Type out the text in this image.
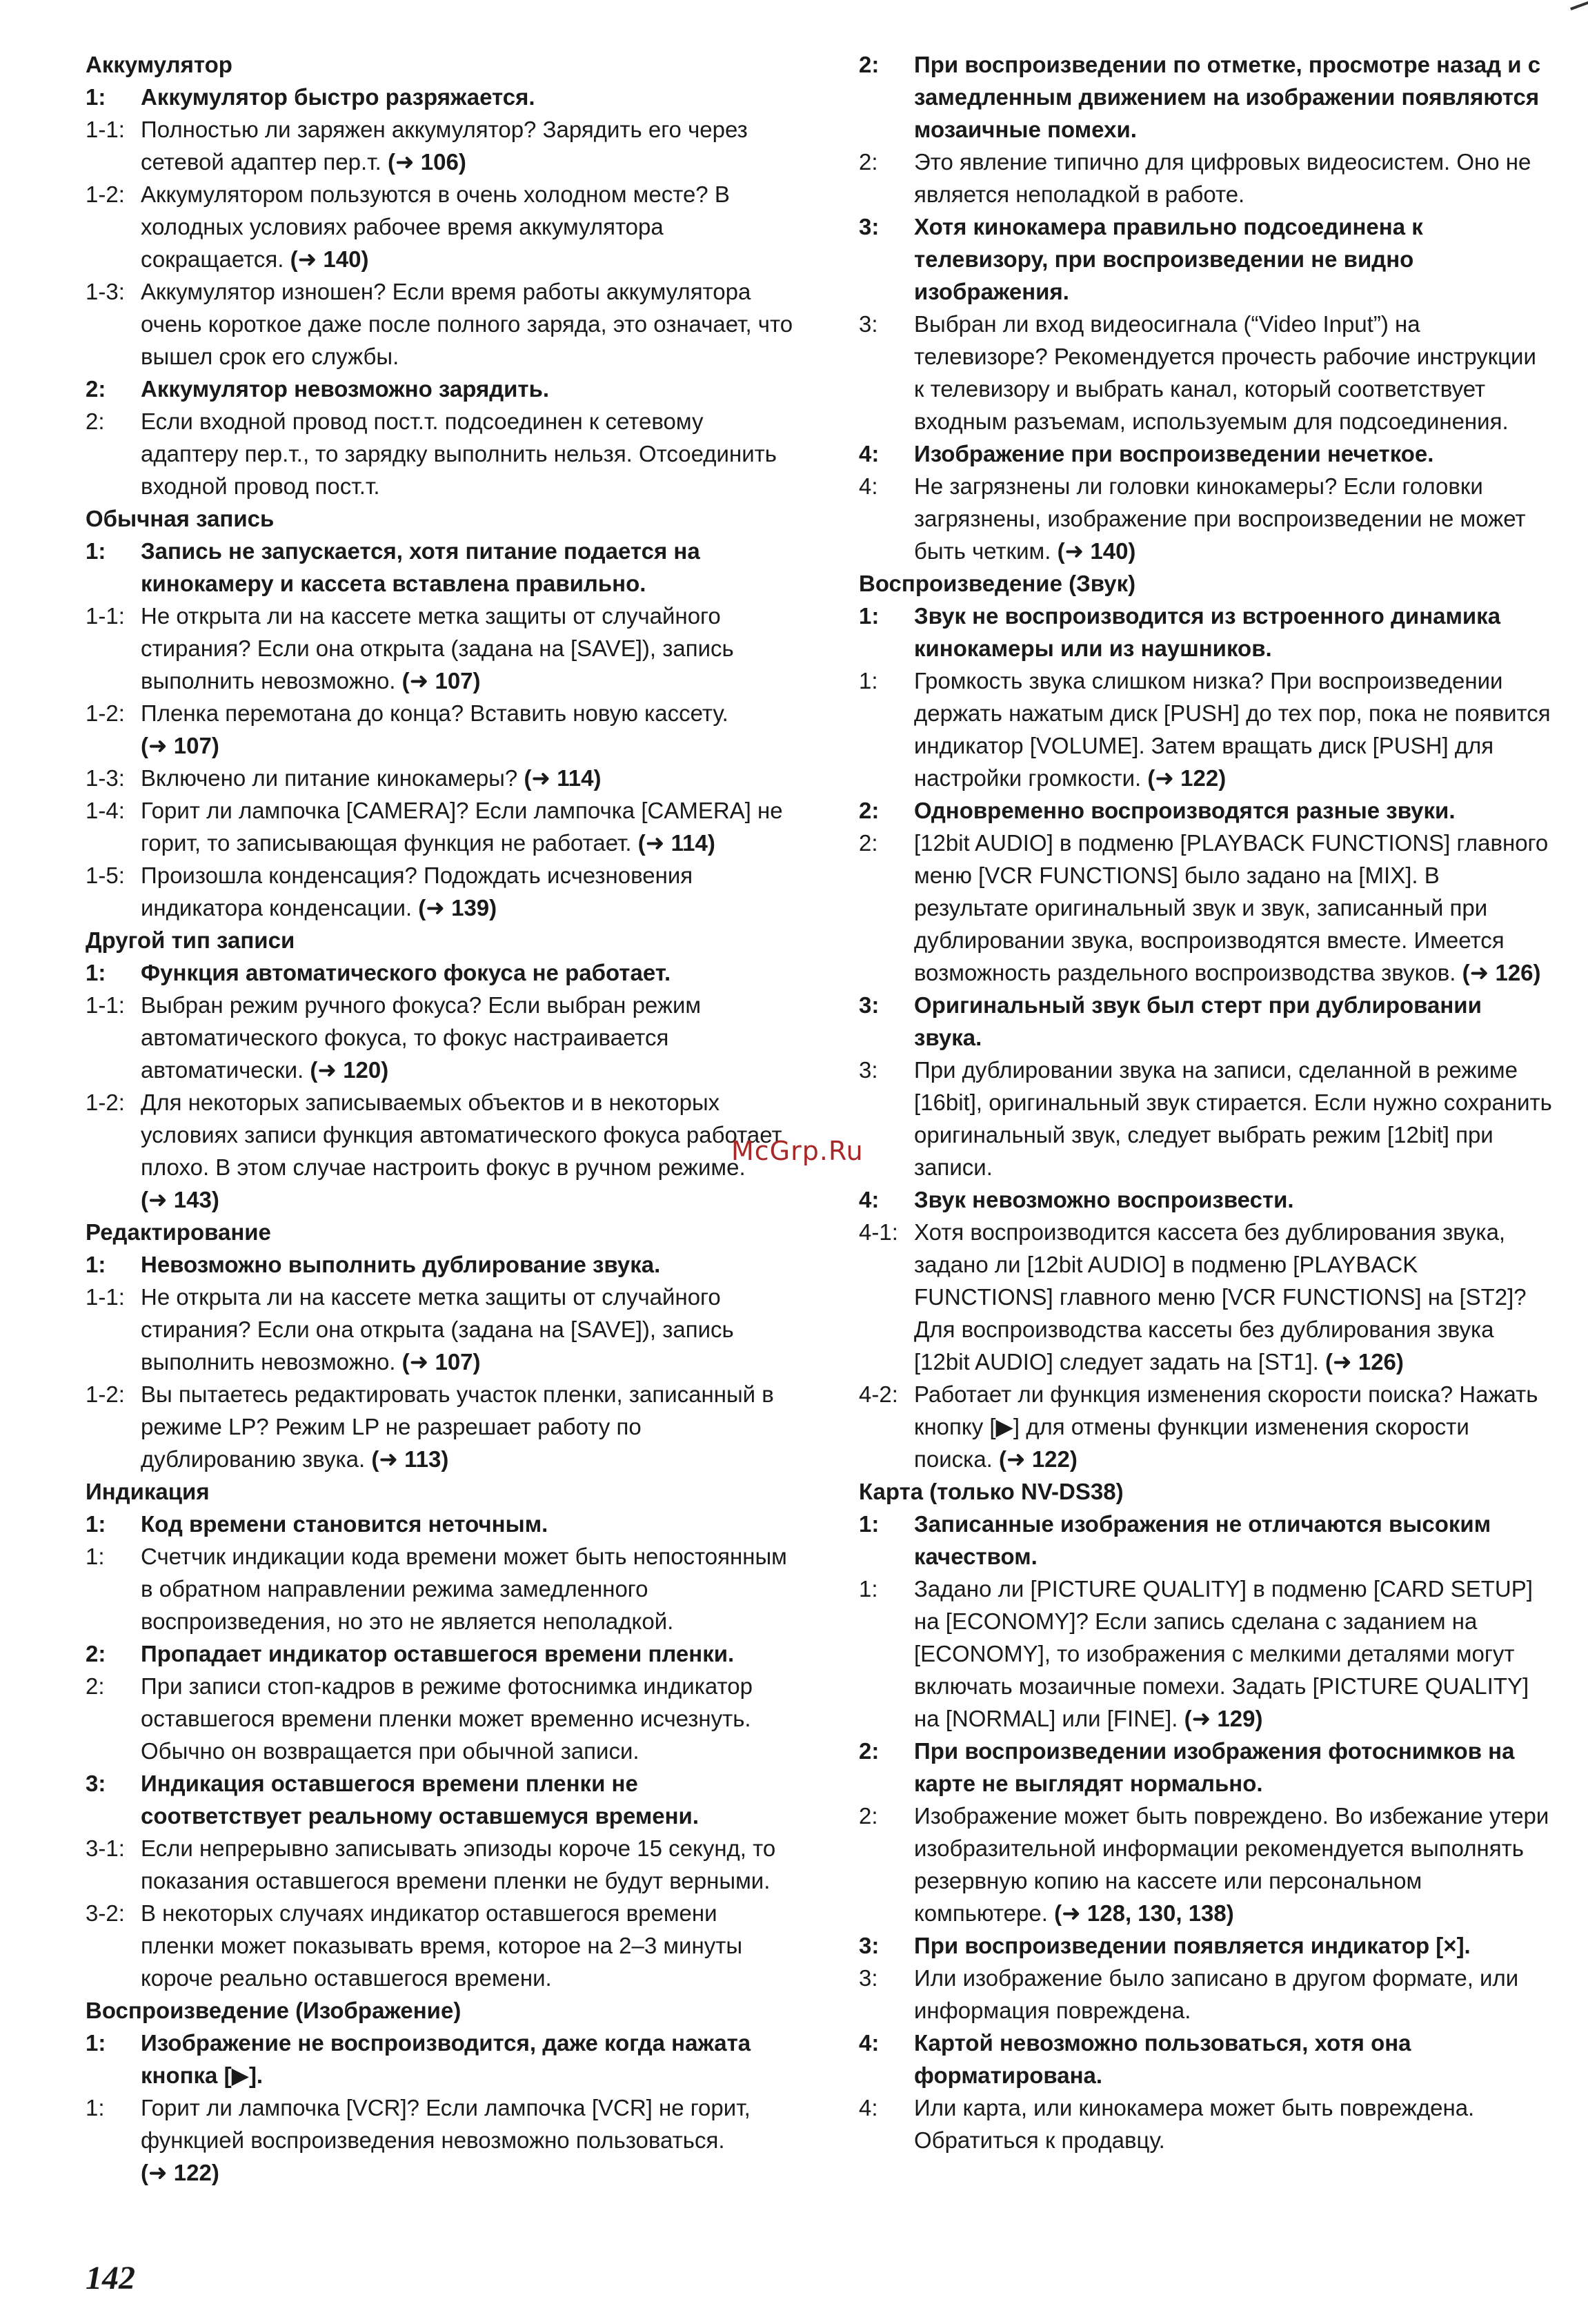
Аккумулятор
1:	Аккумулятор быстро разряжается.
1-1: Полностью ли заряжен аккумулятор? Зарядить его через сетевой адаптер пер.т. (➜ 106)
1-2: Аккумулятором пользуются в очень холодном месте? В холодных условиях рабочее время аккумулятора сокращается. (➜ 140)
1-3: Аккумулятор изношен? Если время работы аккумулятора очень короткое даже после полного заряда, это означает, что вышел срок его службы.
2:	Аккумулятор невозможно зарядить.
2:	Если входной провод пост.т. подсоединен к сетевому адаптеру пер.т., то зарядку выполнить нельзя. Отсоединить входной провод пост.т.
Обычная запись
1:	Запись не запускается, хотя питание подается на кинокамеру и кассета вставлена правильно.
1-1: Не открыта ли на кассете метка защиты от случайного стирания? Если она открыта (задана на [SAVE]), запись выполнить невозможно. (➜ 107)
1-2: Пленка перемотана до конца? Вставить новую кассету. (➜ 107)
1-3: Включено ли питание кинокамеры? (➜ 114)
1-4: Горит ли лампочка [CAMERA]? Если лампочка [CAMERA] не горит, то записывающая функция не работает. (➜ 114)
1-5: Произошла конденсация? Подождать исчезновения индикатора конденсации. (➜ 139)
Другой тип записи
1:	Функция автоматического фокуса не работает.
1-1: Выбран режим ручного фокуса? Если выбран режим автоматического фокуса, то фокус настраивается автоматически. (➜ 120)
1-2: Для некоторых записываемых объектов и в некоторых условиях записи функция автоматического фокуса работает плохо. В этом случае настроить фокус в ручном режиме. (➜ 143)
Редактирование
1:	Невозможно выполнить дублирование звука.
1-1: Не открыта ли на кассете метка защиты от случайного стирания? Если она открыта (задана на [SAVE]), запись выполнить невозможно. (➜ 107)
1-2: Вы пытаетесь редактировать участок пленки, записанный в режиме LP? Режим LP не разрешает работу по дублированию звука. (➜ 113)
Индикация
1:	Код времени становится неточным.
1:	Счетчик индикации кода времени может быть непостоянным в обратном направлении режима замедленного воспроизведения, но это не является неполадкой.
2:	Пропадает индикатор оставшегося времени пленки.
2:	При записи стоп-кадров в режиме фотоснимка индикатор оставшегося времени пленки может временно исчезнуть. Обычно он возвращается при обычной записи.
3:	Индикация оставшегося времени пленки не соответствует реальному оставшемуся времени.
3-1: Если непрерывно записывать эпизоды короче 15 секунд, то показания оставшегося времени пленки не будут верными.
3-2: В некоторых случаях индикатор оставшегося времени пленки может показывать время, которое на 2–3 минуты короче реально оставшегося времени.
Воспроизведение (Изображение)
1:	Изображение не воспроизводится, даже когда нажата кнопка [▶].
1:	Горит ли лампочка [VCR]? Если лампочка [VCR] не горит, функцией воспроизведения невозможно пользоваться. (➜ 122)
2:	При воспроизведении по отметке, просмотре назад и с замедленным движением на изображении появляются мозаичные помехи.
2:	Это явление типично для цифровых видеосистем. Оно не является неполадкой в работе.
3:	Хотя кинокамера правильно подсоединена к телевизору, при воспроизведении не видно изображения.
3:	Выбран ли вход видеосигнала (“Video Input”) на телевизоре? Рекомендуется прочесть рабочие инструкции к телевизору и выбрать канал, который соответствует входным разъемам, используемым для подсоединения.
4:	Изображение при воспроизведении нечеткое.
4:	Не загрязнены ли головки кинокамеры? Если головки загрязнены, изображение при воспроизведении не может быть четким. (➜ 140)
Воспроизведение (Звук)
1:	Звук не воспроизводится из встроенного динамика кинокамеры или из наушников.
1:	Громкость звука слишком низка? При воспроизведении держать нажатым диск [PUSH] до тех пор, пока не появится индикатор [VOLUME]. Затем вращать диск [PUSH] для настройки громкости. (➜ 122)
2:	Одновременно воспроизводятся разные звуки.
2:	[12bit AUDIO] в подменю [PLAYBACK FUNCTIONS] главного меню [VCR FUNCTIONS] было задано на [MIX]. В результате оригинальный звук и звук, записанный при дублировании звука, воспроизводятся вместе. Имеется возможность раздельного воспроизводства звуков. (➜ 126)
3:	Оригинальный звук был стерт при дублировании звука.
3:	При дублировании звука на записи, сделанной в режиме [16bit], оригинальный звук стирается. Если нужно сохранить оригинальный звук, следует выбрать режим [12bit] при записи.
4:	Звук невозможно воспроизвести.
4-1: Хотя воспроизводится кассета без дублирования звука, задано ли [12bit AUDIO] в подменю [PLAYBACK FUNCTIONS] главного меню [VCR FUNCTIONS] на [ST2]? Для воспроизводства кассеты без дублирования звука [12bit AUDIO] следует задать на [ST1]. (➜ 126)
4-2: Работает ли функция изменения скорости поиска? Нажать кнопку [▶] для отмены функции изменения скорости поиска. (➜ 122)
Карта (только NV-DS38)
1:	Записанные изображения не отличаются высоким качеством.
1:	Задано ли [PICTURE QUALITY] в подменю [CARD SETUP] на [ECONOMY]? Если запись сделана с заданием на [ECONOMY], то изображения с мелкими деталями могут включать мозаичные помехи. Задать [PICTURE QUALITY] на [NORMAL] или [FINE]. (➜ 129)
2:	При воспроизведении изображения фотоснимков на карте не выглядят нормально.
2:	Изображение может быть повреждено. Во избежание утери изобразительной информации рекомендуется выполнять резервную копию на кассете или персональном компьютере. (➜ 128, 130, 138)
3:	При воспроизведении появляется индикатор [×].
3:	Или изображение было записано в другом формате, или информация повреждена.
4:	Картой невозможно пользоваться, хотя она форматирована.
4:	Или карта, или кинокамера может быть повреждена. Обратиться к продавцу.
McGrp.Ru
142
